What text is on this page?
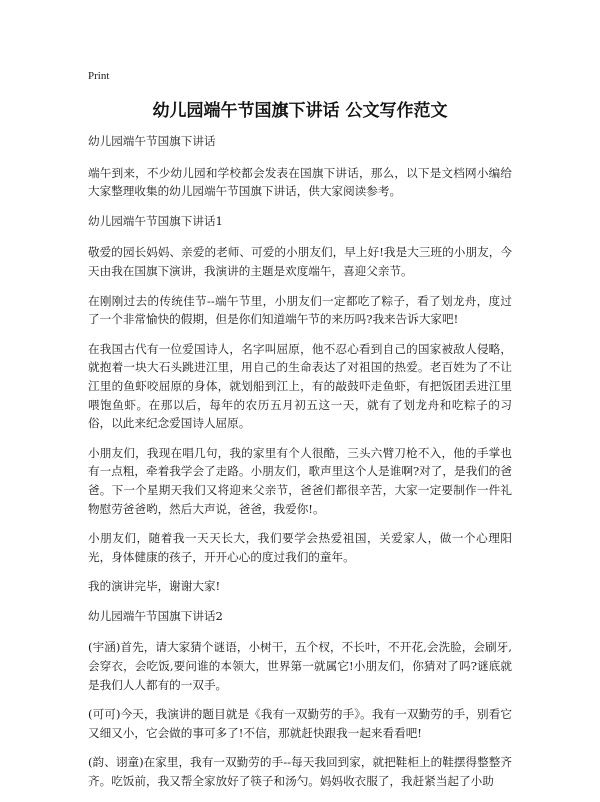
Print
幼儿园端午节国旗下讲话 公文写作范文

幼儿园端午节国旗下讲话

端午到来，不少幼儿园和学校都会发表在国旗下讲话，那么，以下是文档网小编给大家整理收集的幼儿园端午节国旗下讲话，供大家阅读参考。

幼儿园端午节国旗下讲话1

敬爱的园长妈妈、亲爱的老师、可爱的小朋友们，早上好!我是大三班的小朋友，今天由我在国旗下演讲，我演讲的主题是欢度端午，喜迎父亲节。

在刚刚过去的传统佳节--端午节里，小朋友们一定都吃了粽子，看了划龙舟，度过了一个非常愉快的假期，但是你们知道端午节的来历吗?我来告诉大家吧!

在我国古代有一位爱国诗人，名字叫屈原，他不忍心看到自己的国家被敌人侵略，就抱着一块大石头跳进江里，用自己的生命表达了对祖国的热爱。老百姓为了不让江里的鱼虾咬屈原的身体，就划船到江上，有的敲鼓吓走鱼虾，有把饭团丢进江里喂饱鱼虾。在那以后，每年的农历五月初五这一天，就有了划龙舟和吃粽子的习俗，以此来纪念爱国诗人屈原。

小朋友们，我现在唱几句，我的家里有个人很酷，三头六臂刀枪不入，他的手掌也有一点粗，牵着我学会了走路。小朋友们，歌声里这个人是谁啊?对了，是我们的爸爸。下一个星期天我们又将迎来父亲节，爸爸们都很辛苦，大家一定要制作一件礼物慰劳爸爸哟，然后大声说，爸爸，我爱你!。

小朋友们，随着我一天天长大，我们要学会热爱祖国，关爱家人，做一个心理阳光，身体健康的孩子，开开心心的度过我们的童年。

我的演讲完毕，谢谢大家!

幼儿园端午节国旗下讲话2

(宇涵)首先，请大家猜个谜语，小树干，五个杈，不长叶，不开花,会洗脸，会刷牙,会穿衣，会吃饭,要问谁的本领大，世界第一就属它!小朋友们，你猜对了吗?谜底就是我们人人都有的一双手。

(可可)今天，我演讲的题目就是《我有一双勤劳的手》。我有一双勤劳的手，别看它又细又小，它会做的事可多了!不信，那就赶快跟我一起来看看吧!

(韵、诩童)在家里，我有一双勤劳的手--每天我回到家，就把鞋柜上的鞋摆得整整齐齐。吃饭前，我又帮全家放好了筷子和汤勺。妈妈收衣服了，我赶紧当起了小助
